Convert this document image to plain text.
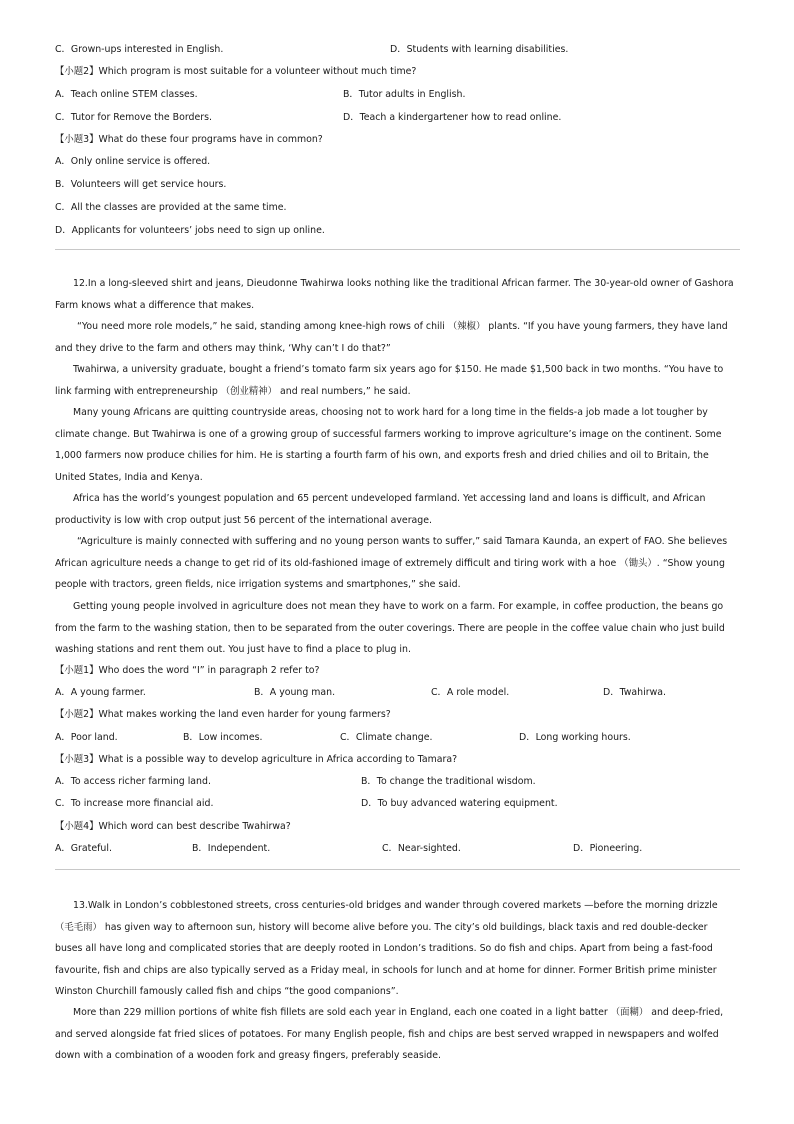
C．Grown-ups interested in English.	D．Students with learning disabilities.
【小题2】Which program is most suitable for a volunteer without much time?
A．Teach online STEM classes.	B．Tutor adults in English.
C．Tutor for Remove the Borders.	D．Teach a kindergartener how to read online.
【小题3】What do these four programs have in common?
A．Only online service is offered.
B．Volunteers will get service hours.
C．All the classes are provided at the same time.
D．Applicants for volunteers’ jobs need to sign up online.

12.In a long-sleeved shirt and jeans, Dieudonne Twahirwa looks nothing like the traditional African farmer. The 30-year-old owner of Gashora Farm knows what a difference that makes.

“You need more role models,” he said, standing among knee-high rows of chili （辣椒） plants. “If you have young farmers, they have land and they drive to the farm and others may think, ‘Why can’t I do that?”

Twahirwa, a university graduate, bought a friend’s tomato farm six years ago for $150. He made $1,500 back in two months. “You have to link farming with entrepreneurship （创业精神） and real numbers,” he said.

Many young Africans are quitting countryside areas, choosing not to work hard for a long time in the fields-a job made a lot tougher by climate change. But Twahirwa is one of a growing group of successful farmers working to improve agriculture’s image on the continent. Some 1,000 farmers now produce chilies for him. He is starting a fourth farm of his own, and exports fresh and dried chilies and oil to Britain, the United States, India and Kenya.

Africa has the world’s youngest population and 65 percent undeveloped farmland. Yet accessing land and loans is difficult, and African productivity is low with crop output just 56 percent of the international average.

“Agriculture is mainly connected with suffering and no young person wants to suffer,” said Tamara Kaunda, an expert of FAO. She believes African agriculture needs a change to get rid of its old-fashioned image of extremely difficult and tiring work with a hoe （锄头）. “Show young people with tractors, green fields, nice irrigation systems and smartphones,” she said.

Getting young people involved in agriculture does not mean they have to work on a farm. For example, in coffee production, the beans go from the farm to the washing station, then to be separated from the outer coverings. There are people in the coffee value chain who just build washing stations and rent them out. You just have to find a place to plug in.

【小题1】Who does the word “I” in paragraph 2 refer to?
A．A young farmer.	B．A young man.	C．A role model.	D．Twahirwa.
【小题2】What makes working the land even harder for young farmers?
A．Poor land.	B．Low incomes.	C．Climate change.	D．Long working hours.
【小题3】What is a possible way to develop agriculture in Africa according to Tamara?
A．To access richer farming land.	B．To change the traditional wisdom.
C．To increase more financial aid.	D．To buy advanced watering equipment.
【小题4】Which word can best describe Twahirwa?
A．Grateful.	B．Independent.	C．Near-sighted.	D．Pioneering.

13.Walk in London’s cobblestoned streets, cross centuries-old bridges and wander through covered markets —before the morning drizzle （毛毛雨） has given way to afternoon sun, history will become alive before you. The city’s old buildings, black taxis and red double-decker buses all have long and complicated stories that are deeply rooted in London’s traditions. So do fish and chips. Apart from being a fast-food favourite, fish and chips are also typically served as a Friday meal, in schools for lunch and at home for dinner. Former British prime minister Winston Churchill famously called fish and chips “the good companions”.

More than 229 million portions of white fish fillets are sold each year in England, each one coated in a light batter （面糊） and deep-fried, and served alongside fat fried slices of potatoes. For many English people, fish and chips are best served wrapped in newspapers and wolfed down with a combination of a wooden fork and greasy fingers, preferably seaside.
